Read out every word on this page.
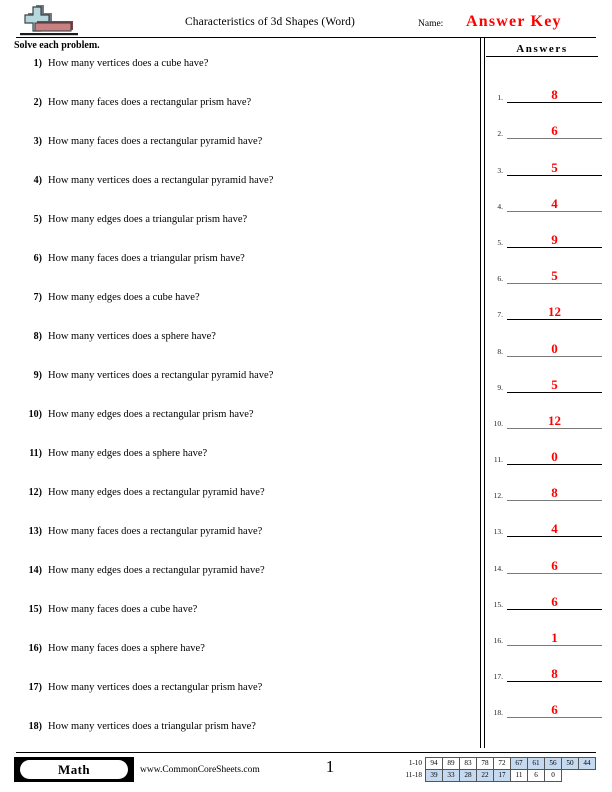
Characteristics of 3d Shapes (Word)	Name: Answer Key
Solve each problem.
1) How many vertices does a cube have?
2) How many faces does a rectangular prism have?
3) How many faces does a rectangular pyramid have?
4) How many vertices does a rectangular pyramid have?
5) How many edges does a triangular prism have?
6) How many faces does a triangular prism have?
7) How many edges does a cube have?
8) How many vertices does a sphere have?
9) How many vertices does a rectangular pyramid have?
10) How many edges does a rectangular prism have?
11) How many edges does a sphere have?
12) How many edges does a rectangular pyramid have?
13) How many faces does a rectangular pyramid have?
14) How many edges does a rectangular pyramid have?
15) How many faces does a cube have?
16) How many faces does a sphere have?
17) How many vertices does a rectangular prism have?
18) How many vertices does a triangular prism have?
Answers
1.	8
2.	6
3.	5
4.	4
5.	9
6.	5
7.	12
8.	0
9.	5
10.	12
11.	0
12.	8
13.	4
14.	6
15.	6
16.	1
17.	8
18.	6
Math	www.CommonCoreSheets.com	1	1-10	94	89	83	78	72	67	61	56	50	44
11-18	39	33	28	22	17	11	6	0		
